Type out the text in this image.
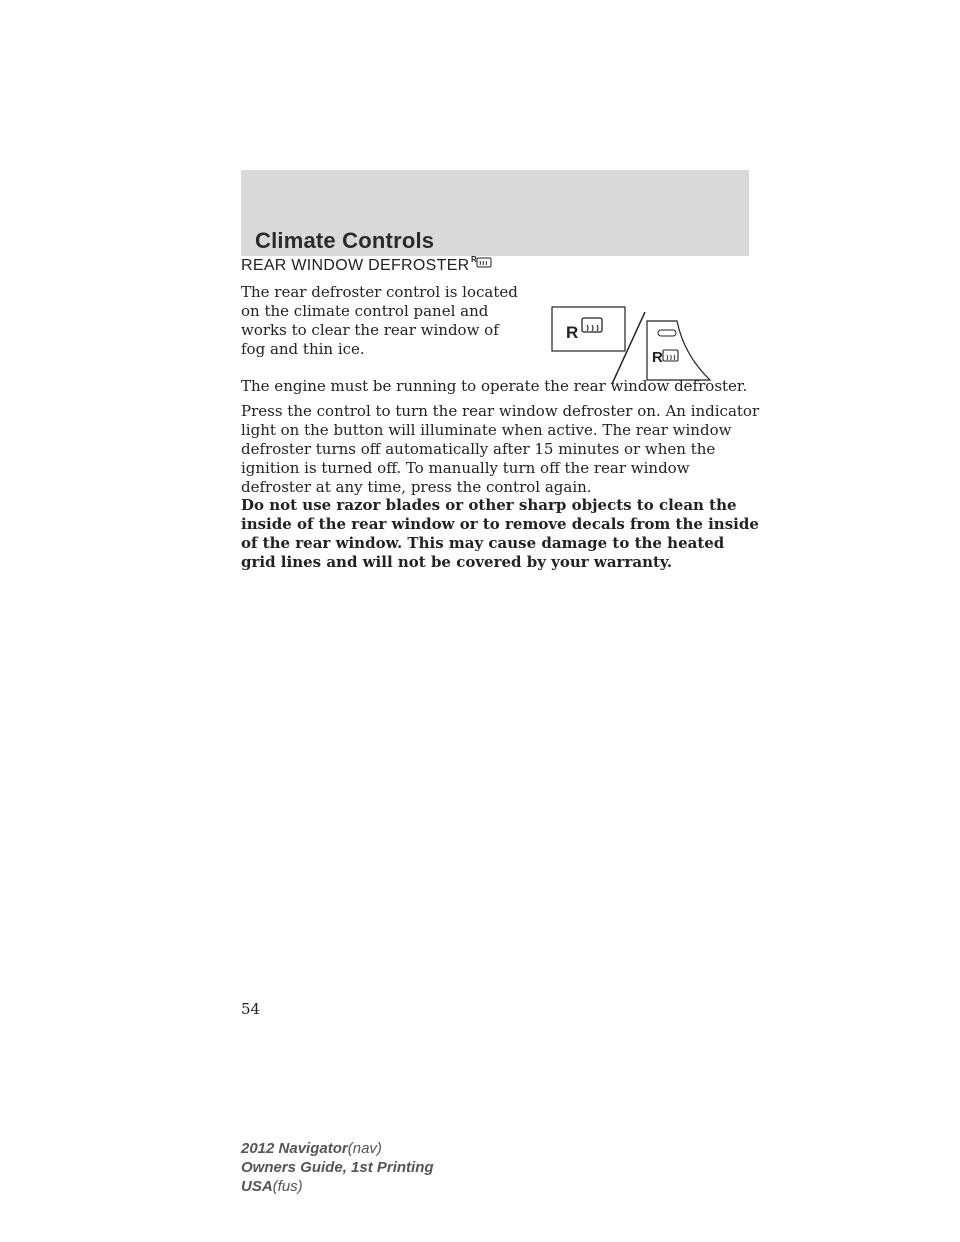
Climate Controls
REAR WINDOW DEFROSTER R
The rear defroster control is located on the climate control panel and works to clear the rear window of fog and thin ice.
R
R

The engine must be running to operate the rear window defroster.

Press the control to turn the rear window defroster on. An indicator light on the button will illuminate when active. The rear window defroster turns off automatically after 15 minutes or when the ignition is turned off. To manually turn off the rear window defroster at any time, press the control again.

Do not use razor blades or other sharp objects to clean the inside of the rear window or to remove decals from the inside of the rear window. This may cause damage to the heated grid lines and will not be covered by your warranty.

54
2012 Navigator(nav)
Owners Guide, 1st Printing
USA(fus)
